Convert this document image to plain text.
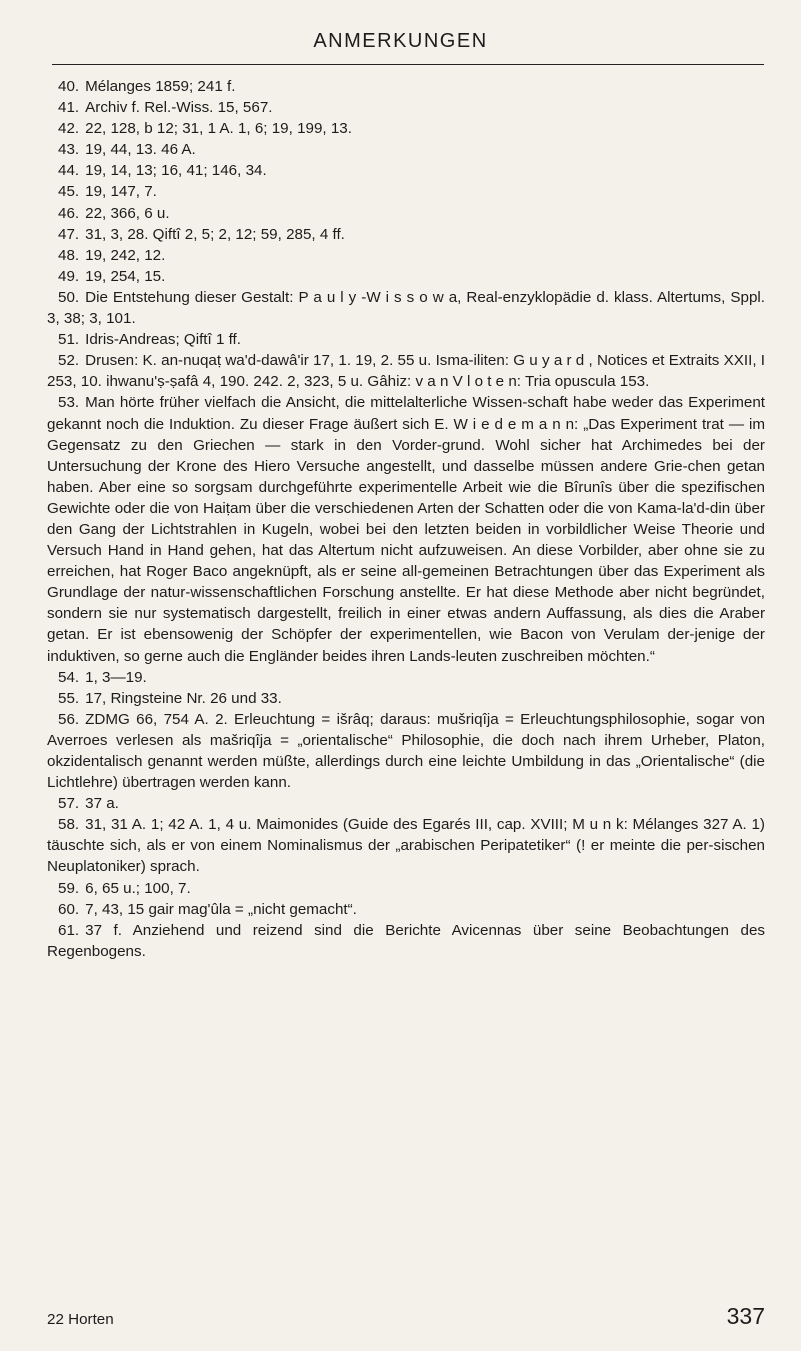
ANMERKUNGEN

40. Mélanges 1859; 241 f.

41. Archiv f. Rel.-Wiss. 15, 567.

42. 22, 128, b 12; 31, 1 A. 1, 6; 19, 199, 13.

43. 19, 44, 13. 46 A.

44. 19, 14, 13; 16, 41; 146, 34.

45. 19, 147, 7.

46. 22, 366, 6 u.

47. 31, 3, 28. Qiftî 2, 5; 2, 12; 59, 285, 4 ff.

48. 19, 242, 12.

49. 19, 254, 15.

50. Die Entstehung dieser Gestalt: P a u l y -W i s s o w a, Real-enzyklopädie d. klass. Altertums, Sppl. 3, 38; 3, 101.

51. Idris-Andreas; Qiftî 1 ff.

52. Drusen: K. an-nuqaṭ wa'd-dawâ'ir 17, 1. 19, 2. 55 u. Isma-iliten: G u y a r d , Notices et Extraits XXII, I 253, 10. ihwanu'ṣ-ṣafâ 4, 190. 242. 2, 323, 5 u. Gâhiz: v a n V l o t e n: Tria opuscula 153.

53. Man hörte früher vielfach die Ansicht, die mittelalterliche Wissen-schaft habe weder das Experiment gekannt noch die Induktion. Zu dieser Frage äußert sich E. W i e d e m a n n: „Das Experiment trat — im Gegensatz zu den Griechen — stark in den Vorder-grund. Wohl sicher hat Archimedes bei der Untersuchung der Krone des Hiero Versuche angestellt, und dasselbe müssen andere Grie-chen getan haben. Aber eine so sorgsam durchgeführte experimentelle Arbeit wie die Bîrunîs über die spezifischen Gewichte oder die von Haiṭam über die verschiedenen Arten der Schatten oder die von Kama-la'd-din über den Gang der Lichtstrahlen in Kugeln, wobei bei den letzten beiden in vorbildlicher Weise Theorie und Versuch Hand in Hand gehen, hat das Altertum nicht aufzuweisen. An diese Vorbilder, aber ohne sie zu erreichen, hat Roger Baco angeknüpft, als er seine all-gemeinen Betrachtungen über das Experiment als Grundlage der natur-wissenschaftlichen Forschung anstellte. Er hat diese Methode aber nicht begründet, sondern sie nur systematisch dargestellt, freilich in einer etwas andern Auffassung, als dies die Araber getan. Er ist ebensowenig der Schöpfer der experimentellen, wie Bacon von Verulam der-jenige der induktiven, so gerne auch die Engländer beides ihren Lands-leuten zuschreiben möchten.“

54. 1, 3—19.

55. 17, Ringsteine Nr. 26 und 33.

56. ZDMG 66, 754 A. 2. Erleuchtung = išrâq; daraus: mušriqîja = Erleuchtungsphilosophie, sogar von Averroes verlesen als mašriqîja = „orientalische“ Philosophie, die doch nach ihrem Urheber, Platon, okzidentalisch genannt werden müßte, allerdings durch eine leichte Umbildung in das „Orientalische“ (die Lichtlehre) übertragen werden kann.

57. 37 a.

58. 31, 31 A. 1; 42 A. 1, 4 u. Maimonides (Guide des Egarés III, cap. XVIII; M u n k: Mélanges 327 A. 1) täuschte sich, als er von einem Nominalismus der „arabischen Peripatetiker“ (! er meinte die per-sischen Neuplatoniker) sprach.

59. 6, 65 u.; 100, 7.

60. 7, 43, 15 gair mag'ûla = „nicht gemacht“.

61. 37 f. Anziehend und reizend sind die Berichte Avicennas über seine Beobachtungen des Regenbogens.

22 Horten	337
